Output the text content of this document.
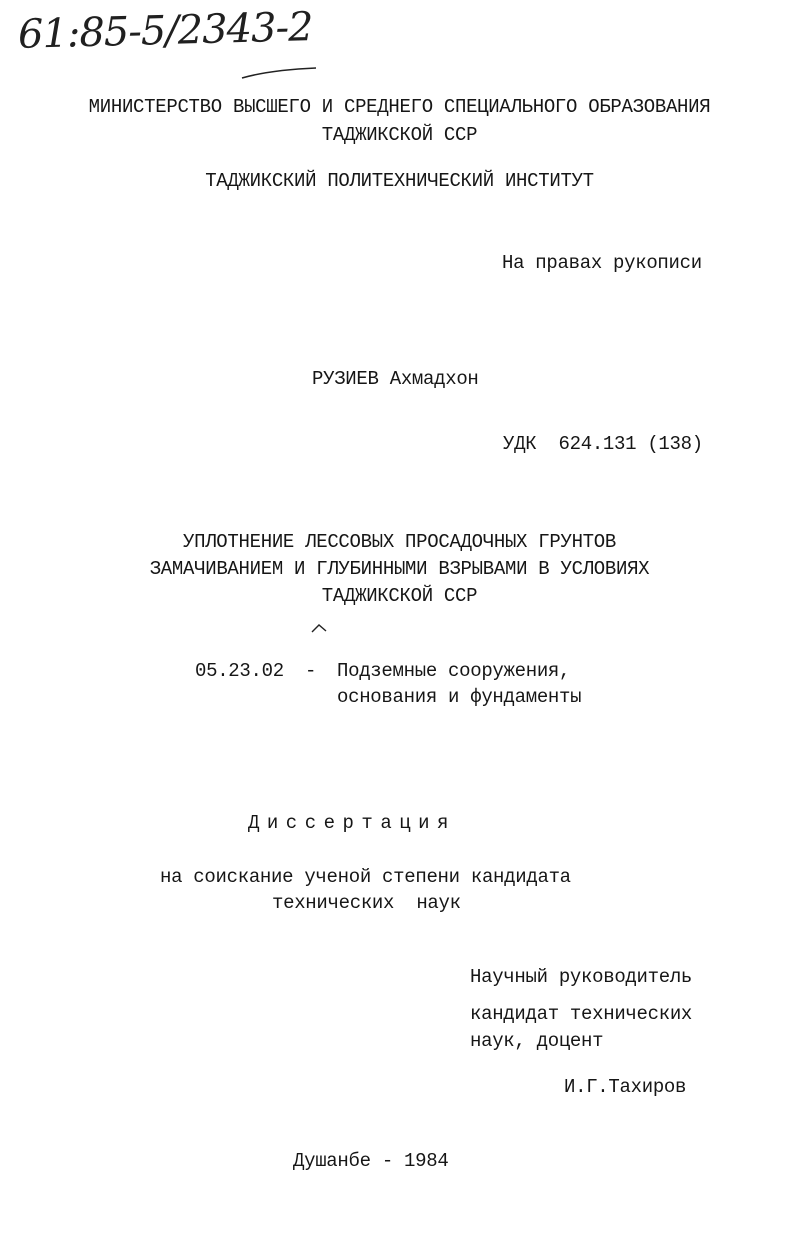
61:85-5/2343-2
МИНИСТЕРСТВО ВЫСШЕГО И СРЕДНЕГО СПЕЦИАЛЬНОГО ОБРАЗОВАНИЯ
ТАДЖИКСКОЙ ССР
ТАДЖИКСКИЙ ПОЛИТЕХНИЧЕСКИЙ ИНСТИТУТ
На правах рукописи
РУЗИЕВ Ахмадхон
УДК  624.131 (138)
УПЛОТНЕНИЕ ЛЕССОВЫХ ПРОСАДОЧНЫХ ГРУНТОВ
ЗАМАЧИВАНИЕМ И ГЛУБИННЫМИ ВЗРЫВАМИ В УСЛОВИЯХ
ТАДЖИКСКОЙ ССР
05.23.02 - Подземные сооружения,
основания и фундаменты
Диссертация
на соискание ученой степени кандидата
технических  наук
Научный руководитель
кандидат технических
наук, доцент
И.Г.Тахиров
Душанбе - 1984
